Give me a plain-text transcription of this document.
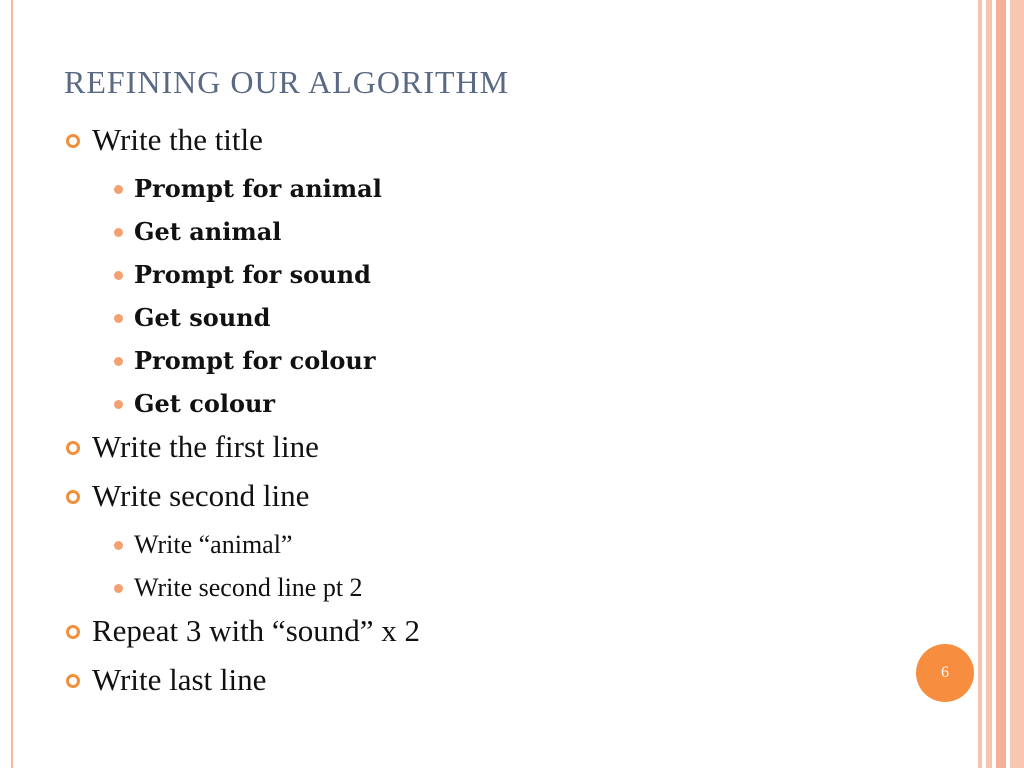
REFINING OUR ALGORITHM
Write the title
Prompt for animal
Get animal
Prompt for sound
Get sound
Prompt for colour
Get colour
Write the first line
Write second line
Write “animal”
Write second line pt 2
Repeat 3 with “sound” x 2
Write last line	6
